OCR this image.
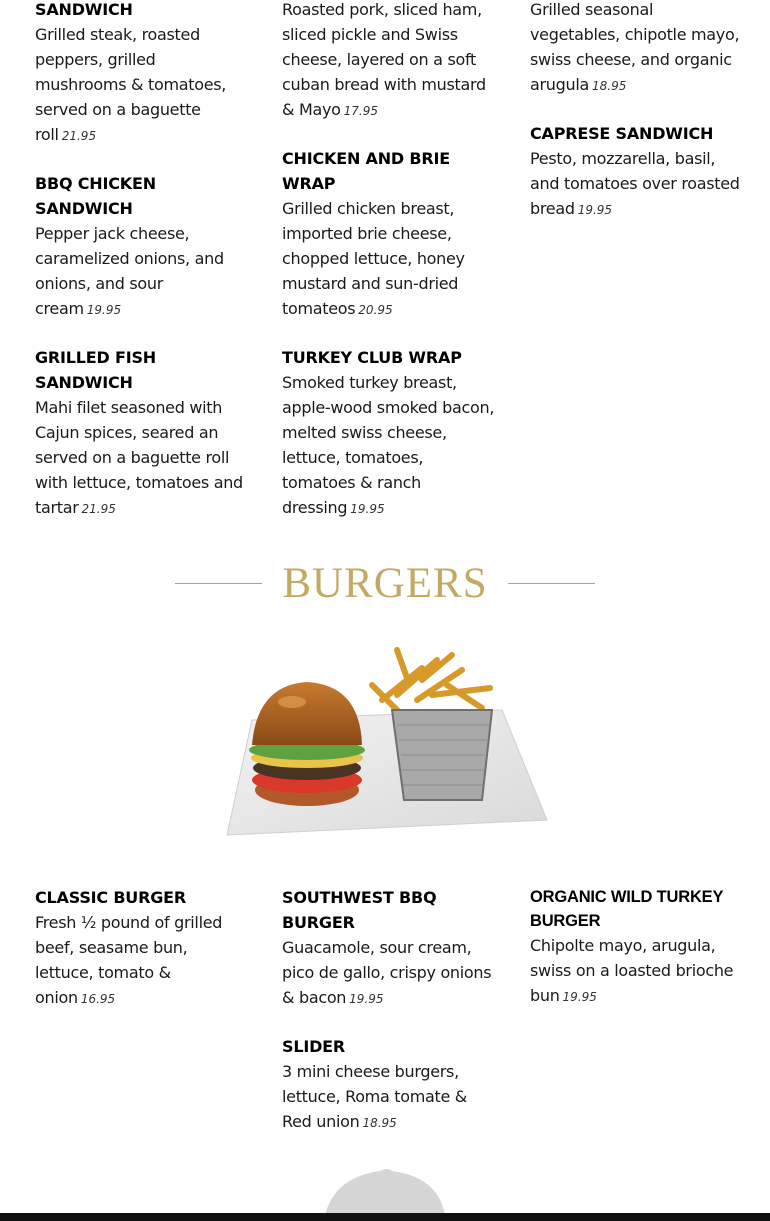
SANDWICH
Grilled steak, roasted peppers, grilled mushrooms & tomatoes, served on a baguette roll 21.95
BBQ CHICKEN SANDWICH
Pepper jack cheese, caramelized onions, and onions, and sour cream 19.95
GRILLED FISH SANDWICH
Mahi filet seasoned with Cajun spices, seared an served on a baguette roll with lettuce, tomatoes and tartar 21.95
Roasted pork, sliced ham, sliced pickle and Swiss cheese, layered on a soft cuban bread with mustard & Mayo 17.95
CHICKEN AND BRIE WRAP
Grilled chicken breast, imported brie cheese, chopped lettuce, honey mustard and sun-dried tomateos 20.95
TURKEY CLUB WRAP
Smoked turkey breast, apple-wood smoked bacon, melted swiss cheese, lettuce, tomatoes, tomatoes & ranch dressing 19.95
Grilled seasonal vegetables, chipotle mayo, swiss cheese, and organic arugula 18.95
CAPRESE SANDWICH
Pesto, mozzarella, basil, and tomatoes over roasted bread 19.95
BURGERS
CLASSIC BURGER
Fresh ½ pound of grilled beef, seasame bun, lettuce, tomato & onion 16.95
SOUTHWEST BBQ BURGER
Guacamole, sour cream, pico de gallo, crispy onions & bacon 19.95
SLIDER
3 mini cheese burgers, lettuce, Roma tomate & Red union 18.95
ORGANIC WILD TURKEY BURGER
Chipolte mayo, arugula, swiss on a loasted brioche bun 19.95
